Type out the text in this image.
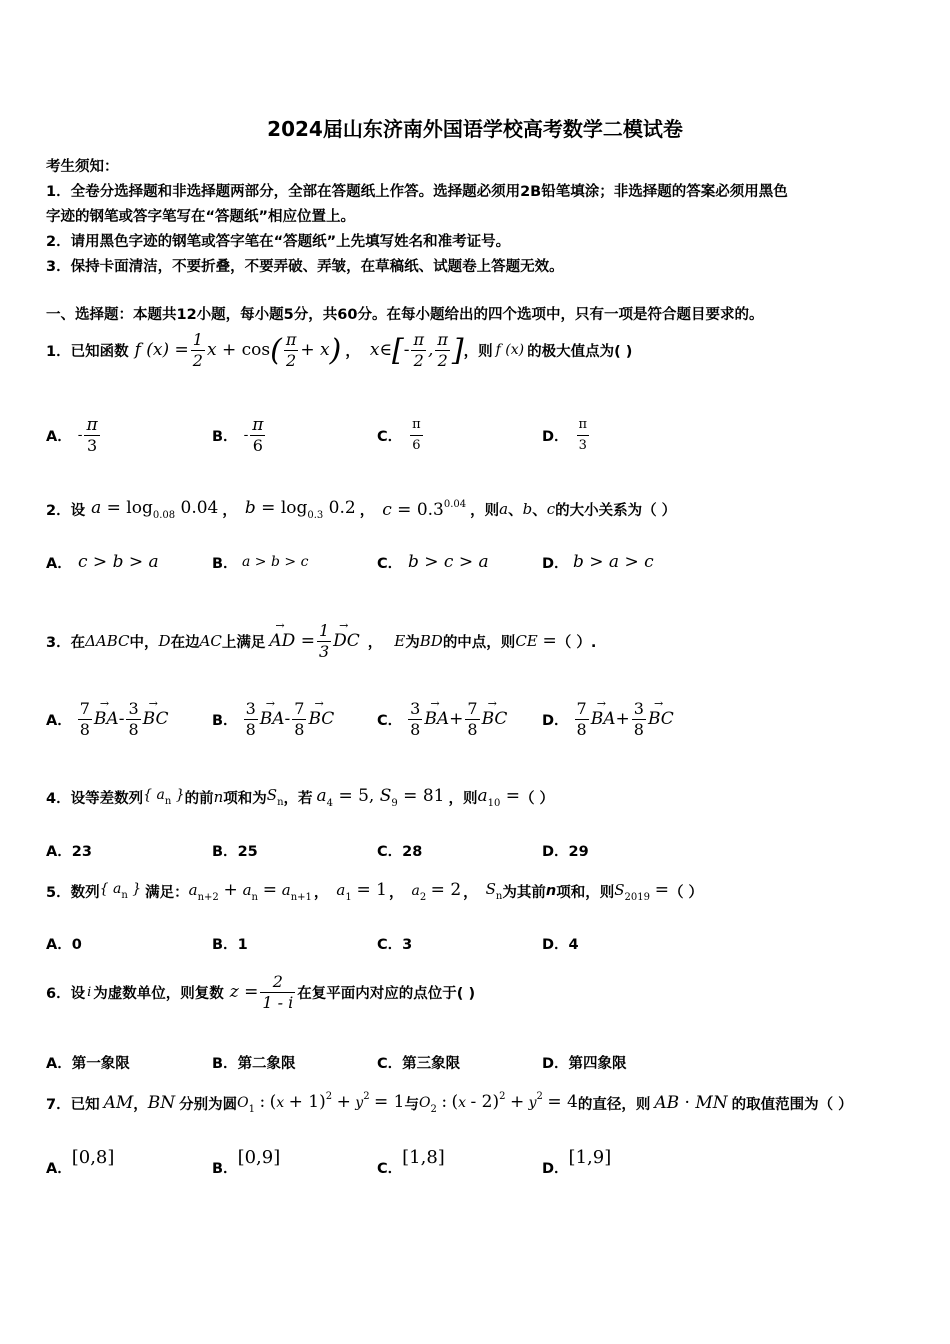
2024届山东济南外国语学校高考数学二模试卷
考生须知：
1．全卷分选择题和非选择题两部分，全部在答题纸上作答。选择题必须用2B铅笔填涂；非选择题的答案必须用黑色
字迹的钢笔或答字笔写在“答题纸”相应位置上。
2．请用黑色字迹的钢笔或答字笔在“答题纸”上先填写姓名和准考证号。
3．保持卡面清洁，不要折叠，不要弄破、弄皱，在草稿纸、试题卷上答题无效。
一、选择题：本题共12小题，每小题5分，共60分。在每小题给出的四个选项中，只有一项是符合题目要求的。
1．已知函数 f $(x) = \frac{1}{2}$ $x + \cos( \frac{\pi}{2} + x)$ ， x∈[- $\frac{\pi}{2}$ , $\frac{\pi}{2}$ ] ，则 f (x) 的极大值点为( )
A． - $\frac{\pi}{3}$	B． - $\frac{\pi}{6}$	C． $\frac{\pi}{6}$	D． $\frac{\pi}{3}$
2．设 $a = \log_{0.08} 0.04$ ， $b = \log_{0.3} 0.2$ ， $c = 0.3^{0.04}$ ，则 a 、 b 、 c 的大小关系为（ ）
A． c > b > a	B． a > b > c	C． b > c > a	D． b > a > c
3．在 ΔABC 中， D 在边 AC 上满足 → AD = $\frac{1}{3}$ → DC ， E 为 BD 的中点，则 CE = （ ）.
A． $\frac{7}{8}$ → BA - $\frac{3}{8}$ → BC	B． $\frac{3}{8}$ → BA - $\frac{7}{8}$ → BC	C． $\frac{3}{8}$ → BA + $\frac{7}{8}$ → BC D． $\frac{7}{8}$ → BA + $\frac{3}{8}$ → BC
4．设等差数列 { $a_n$ } 的前 n 项和为 $S_n$ ，若 $a_4 = 5$, $S_9 = 81$ ，则 $a_{10}$ = （ ）
A．23	B．25	C．28	D．29
5．数列 { $a_n$ } 满足： $a_{n+2} + a_n = a_{n+1}$ ， $a_1 = 1$ ， $a_2 = 2$ ， $S_n$ 为其前 n 项和，则 $S_{2019}$ = （ ）
A．0	B．1	C．3	D．4
6．设 i 为虚数单位，则复数 $z = \frac{2}{1 - i}$ 在复平面内对应的点位于( )
A．第一象限	B．第二象限	C．第三象限	D．第四象限
7．已知 AM ， BN 分别为圆 $O_1$ : $(x + 1)^2 + y^2 = 1$ 与 $O_2$ : $(x - 2)^2 + y^2 = 4$ 的直径，则 AB · MN 的取值范围为（ ）
A．
[0,8]
B．
[0,9]
C．
[1,8]
D．
[1,9]
